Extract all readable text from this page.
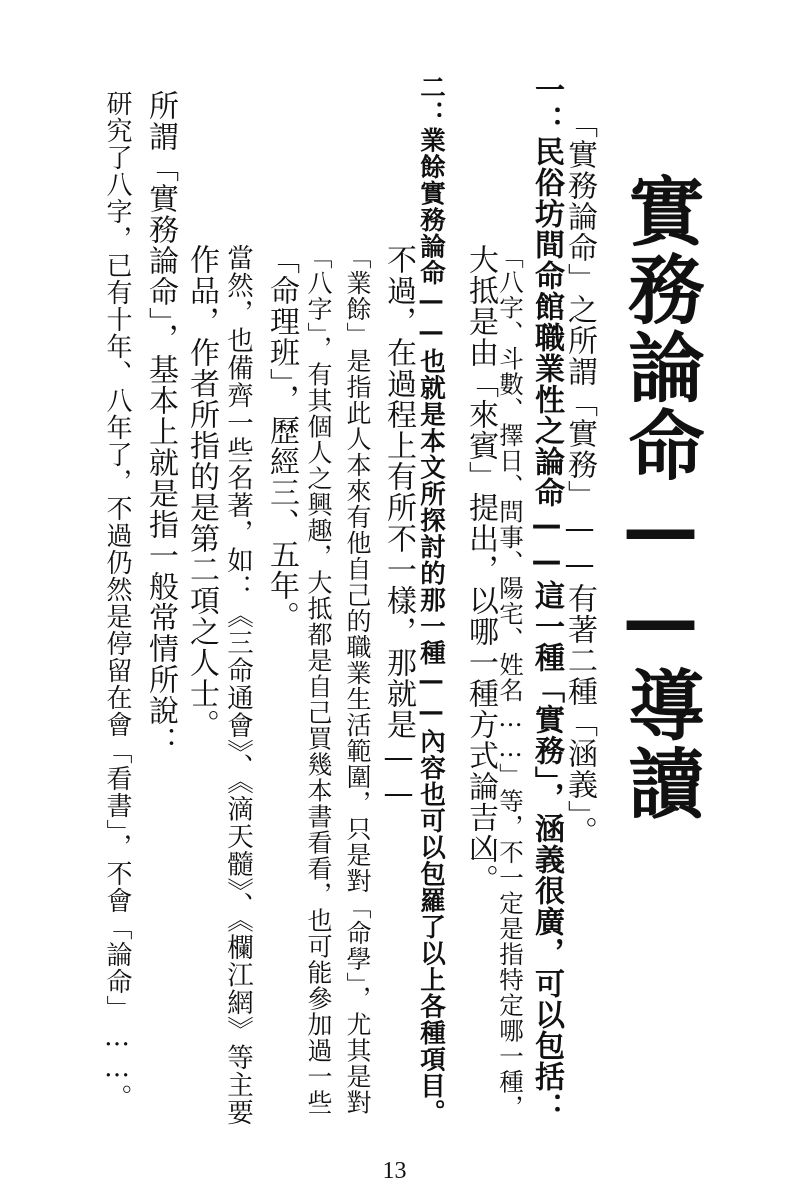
實務論命——導讀
「實務論命」之所謂「實務」——有著二種「涵義」。
一：民俗坊間命館職業性之論命——這一種「實務」，涵義很廣，可以包括：
「八字、斗數、擇日、問事、陽宅、姓名……」等，不一定是指特定哪一種，
大抵是由「來賓」提出，以哪一種方式論吉凶。
二：業餘實務論命——也就是本文所探討的那一種——內容也可以包羅了以上各種項目。
不過，在過程上有所不一樣，那就是——
「業餘」是指此人本來有他自己的職業生活範圍，只是對「命學」，尤其是對
「八字」，有其個人之興趣，大抵都是自己買幾本書看看，也可能參加過一些
「命理班」，歷經三、五年。
當然，也備齊一些名著，如：《三命通會》、《滴天髓》、《欄江網》等主要
作品，作者所指的是第二項之人士。
所謂「實務論命」，基本上就是指一般常情所說：
研究了八字，已有十年、八年了，不過仍然是停留在會「看書」，不會「論命」……。
13
